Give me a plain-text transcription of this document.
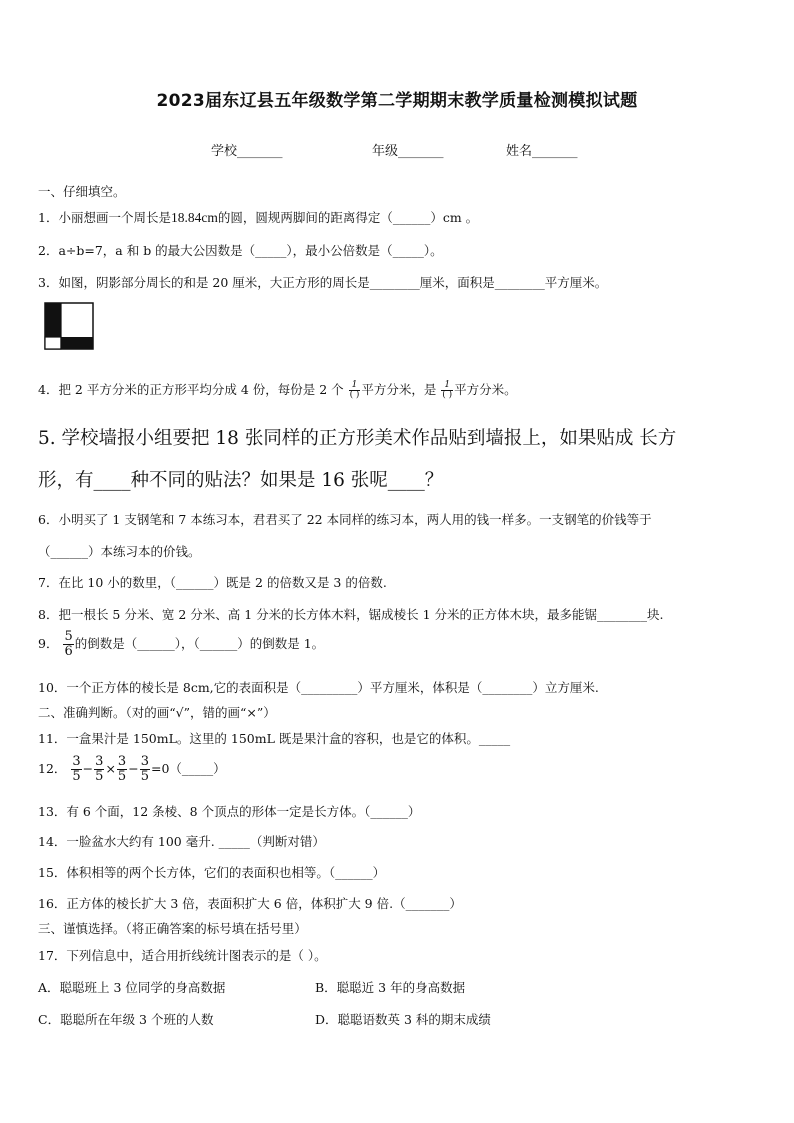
2023届东辽县五年级数学第二学期期末教学质量检测模拟试题
学校_______	年级_______	姓名_______
一、仔细填空。
1．小丽想画一个周长是18.84cm的圆，圆规两脚间的距离得定（______）cm 。
2．a÷b=7，a 和 b 的最大公因数是（_____），最小公倍数是（_____）。
3．如图，阴影部分周长的和是 20 厘米，大正方形的周长是________厘米，面积是________平方厘米。
4．把 2 平方分米的正方形平均分成 4 份，每份是 2 个 $\frac{1}{( )}$ 平方分米，是 $\frac{1}{( )}$ 平方分米。
5. 学校墙报小组要把 18 张同样的正方形美术作品贴到墙报上，如果贴成 长方
形，有____种不同的贴法？如果是 16 张呢____？
6．小明买了 1 支钢笔和 7 本练习本，君君买了 22 本同样的练习本，两人用的钱一样多。一支钢笔的价钱等于
（______）本练习本的价钱。
7．在比 10 小的数里，（______）既是 2 的倍数又是 3 的倍数.
8．把一根长 5 分米、宽 2 分米、高 1 分米的长方体木料，锯成棱长 1 分米的正方体木块，最多能锯________块.
9． $\frac{5}{6}$ 的倒数是（______），（______）的倒数是 1。
10．一个正方体的棱长是 8cm,它的表面积是（_________）平方厘米，体积是（________）立方厘米.
二、准确判断。（对的画“√”，错的画“×”）
11．一盒果汁是 150mL。这里的 150mL 既是果汁盒的容积，也是它的体积。_____
12． $\frac{3}{5} - \frac{3}{5} \times \frac{3}{5} - \frac{3}{5}$ =0（_____）
13．有 6 个面，12 条棱、8 个顶点的形体一定是长方体。（______）
14．一脸盆水大约有 100 毫升. _____（判断对错）
15．体积相等的两个长方体，它们的表面积也相等。（______）
16．正方体的棱长扩大 3 倍，表面积扩大 6 倍，体积扩大 9 倍.（_______）
三、谨慎选择。（将正确答案的标号填在括号里）
17．下列信息中，适合用折线统计图表示的是（ ）。
A．聪聪班上 3 位同学的身高数据	B．聪聪近 3 年的身高数据
C．聪聪所在年级 3 个班的人数	D．聪聪语数英 3 科的期末成绩
